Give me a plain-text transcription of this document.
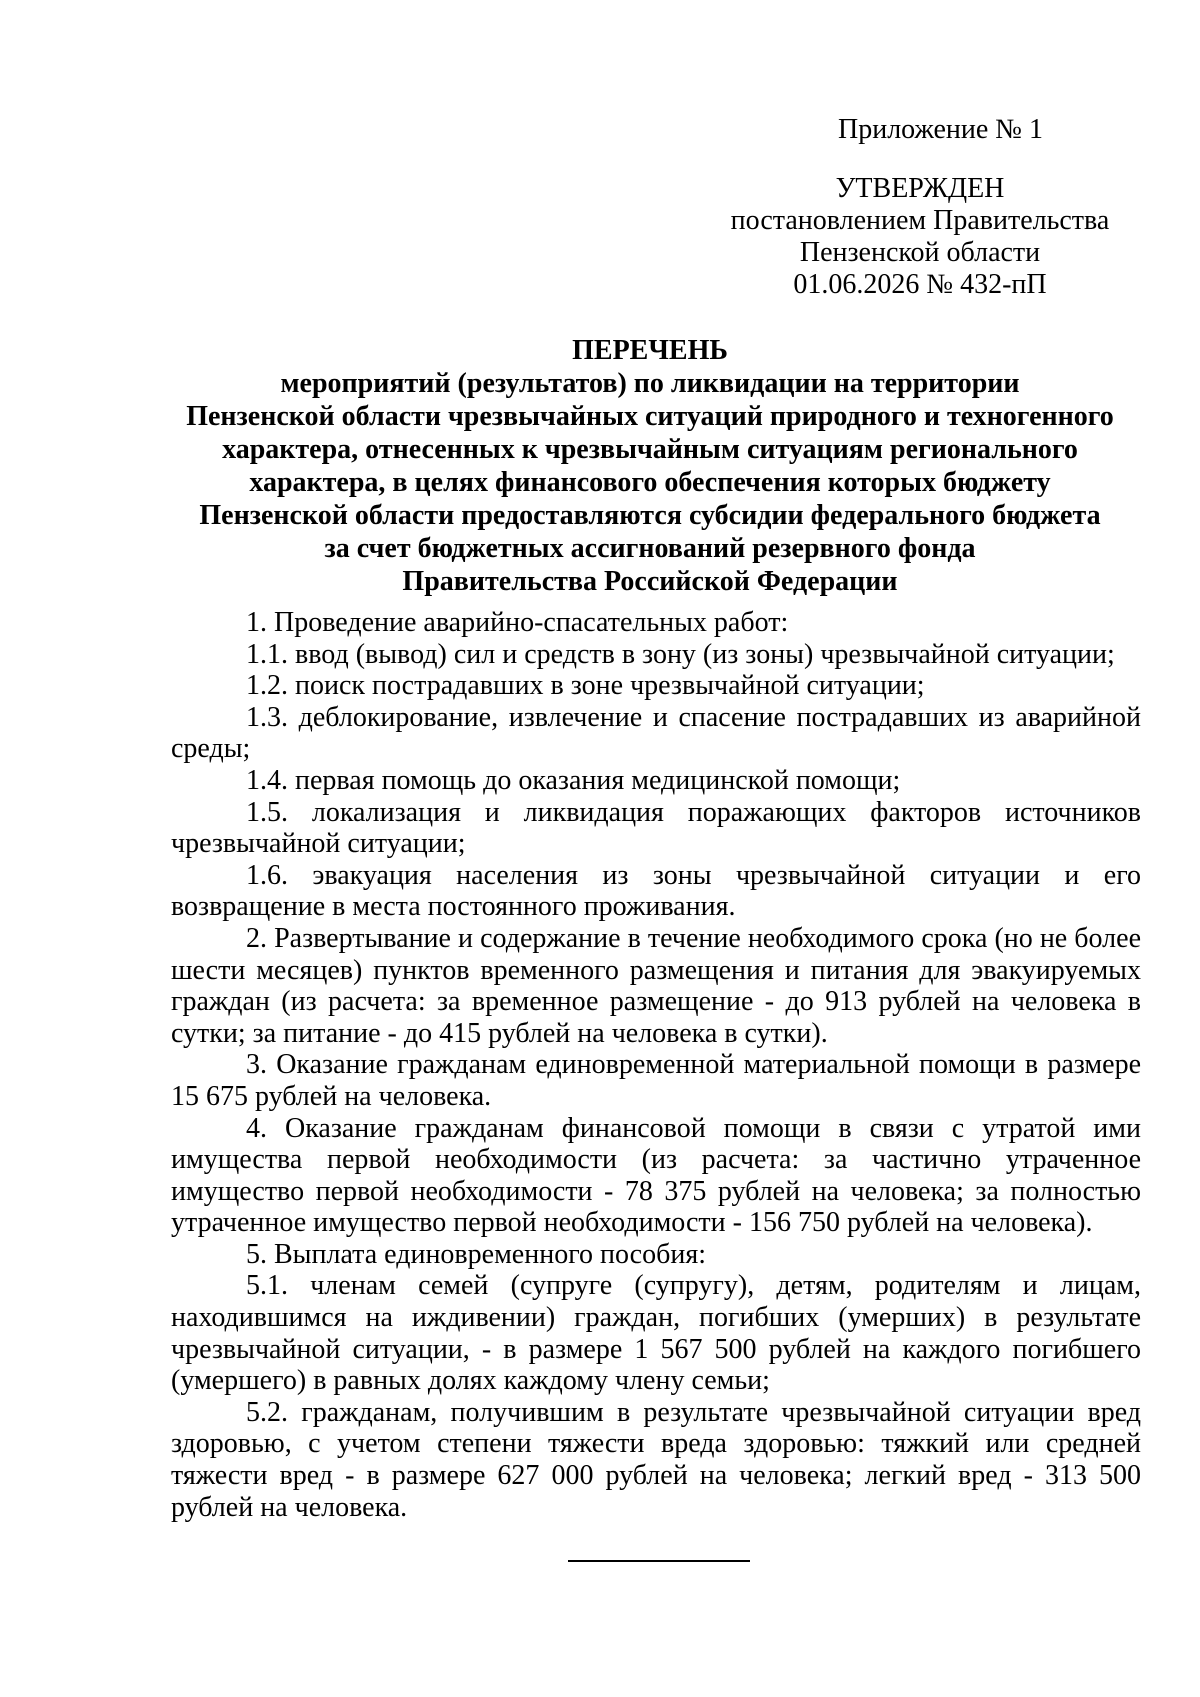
Приложение № 1
УТВЕРЖДЕН
постановлением Правительства
Пензенской области
01.06.2026 № 432-пП
ПЕРЕЧЕНЬ
мероприятий (результатов) по ликвидации на территории
Пензенской области чрезвычайных ситуаций природного и техногенного
характера, отнесенных к чрезвычайным ситуациям регионального
характера, в целях финансового обеспечения которых бюджету
Пензенской области предоставляются субсидии федерального бюджета
за счет бюджетных ассигнований резервного фонда
Правительства Российской Федерации

1. Проведение аварийно-спасательных работ:

1.1. ввод (вывод) сил и средств в зону (из зоны) чрезвычайной ситуации;

1.2. поиск пострадавших в зоне чрезвычайной ситуации;

1.3. деблокирование, извлечение и спасение пострадавших из аварийной среды;

1.4. первая помощь до оказания медицинской помощи;

1.5. локализация и ликвидация поражающих факторов источников чрезвычайной ситуации;

1.6. эвакуация населения из зоны чрезвычайной ситуации и его возвращение в места постоянного проживания.

2. Развертывание и содержание в течение необходимого срока (но не более шести месяцев) пунктов временного размещения и питания для эвакуируемых граждан (из расчета: за временное размещение - до 913 рублей на человека в сутки; за питание - до 415 рублей на человека в сутки).

3. Оказание гражданам единовременной материальной помощи в размере 15 675 рублей на человека.

4. Оказание гражданам финансовой помощи в связи с утратой ими имущества первой необходимости (из расчета: за частично утраченное имущество первой необходимости - 78 375 рублей на человека; за полностью утраченное имущество первой необходимости - 156 750 рублей на человека).

5. Выплата единовременного пособия:

5.1. членам семей (супруге (супругу), детям, родителям и лицам, находившимся на иждивении) граждан, погибших (умерших) в результате чрезвычайной ситуации, - в размере 1 567 500 рублей на каждого погибшего (умершего) в равных долях каждому члену семьи;

5.2. гражданам, получившим в результате чрезвычайной ситуации вред здоровью, с учетом степени тяжести вреда здоровью: тяжкий или средней тяжести вред - в размере 627 000 рублей на человека; легкий вред - 313 500 рублей на человека.
